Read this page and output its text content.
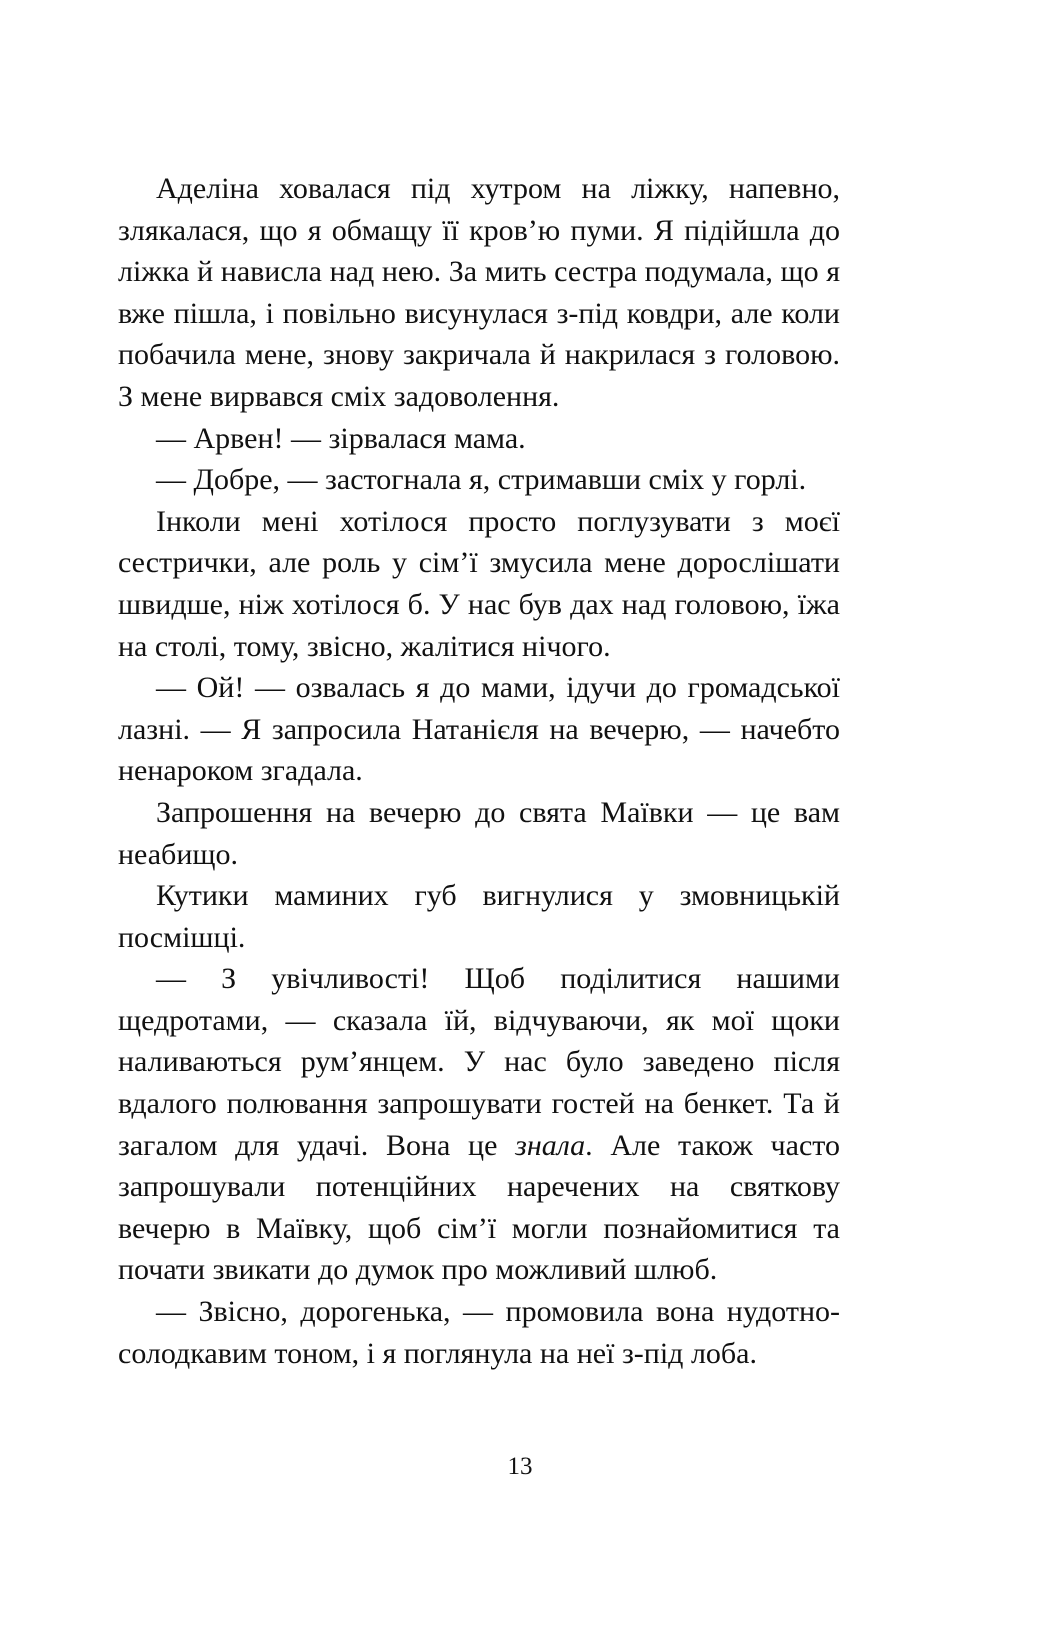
Аделіна ховалася під хутром на ліжку, напевно, злякалася, що я обмащу її кров’ю пуми. Я підійшла до ліжка й нависла над нею. За мить сестра подумала, що я вже пішла, і повільно висунулася з-під ковдри, але коли побачила мене, знову закричала й накрилася з головою. З мене вирвався сміх задоволення.

— Арвен! — зірвалася мама.

— Добре, — застогнала я, стримавши сміх у горлі.

Інколи мені хотілося просто поглузувати з моєї сестрички, але роль у сім’ї змусила мене дорослішати швидше, ніж хотілося б. У нас був дах над головою, їжа на столі, тому, звісно, жалітися нічого.

— Ой! — озвалась я до мами, ідучи до громадської лазні. — Я запросила Натанієля на вечерю, — начебто ненароком згадала.

Запрошення на вечерю до свята Маївки — це вам неабищо.

Кутики маминих губ вигнулися у змовницькій посмішці.

— З увічливості! Щоб поділитися нашими щедротами, — сказала їй, відчуваючи, як мої щоки наливаються рум’янцем. У нас було заведено після вдалого полювання запрошувати гостей на бенкет. Та й загалом для удачі. Вона це знала. Але також часто запрошували потенційних наречених на святкову вечерю в Маївку, щоб сім’ї могли познайомитися та почати звикати до думок про можливий шлюб.

— Звісно, дорогенька, — промовила вона нудотно-солодкавим тоном, і я поглянула на неї з-під лоба.

13
